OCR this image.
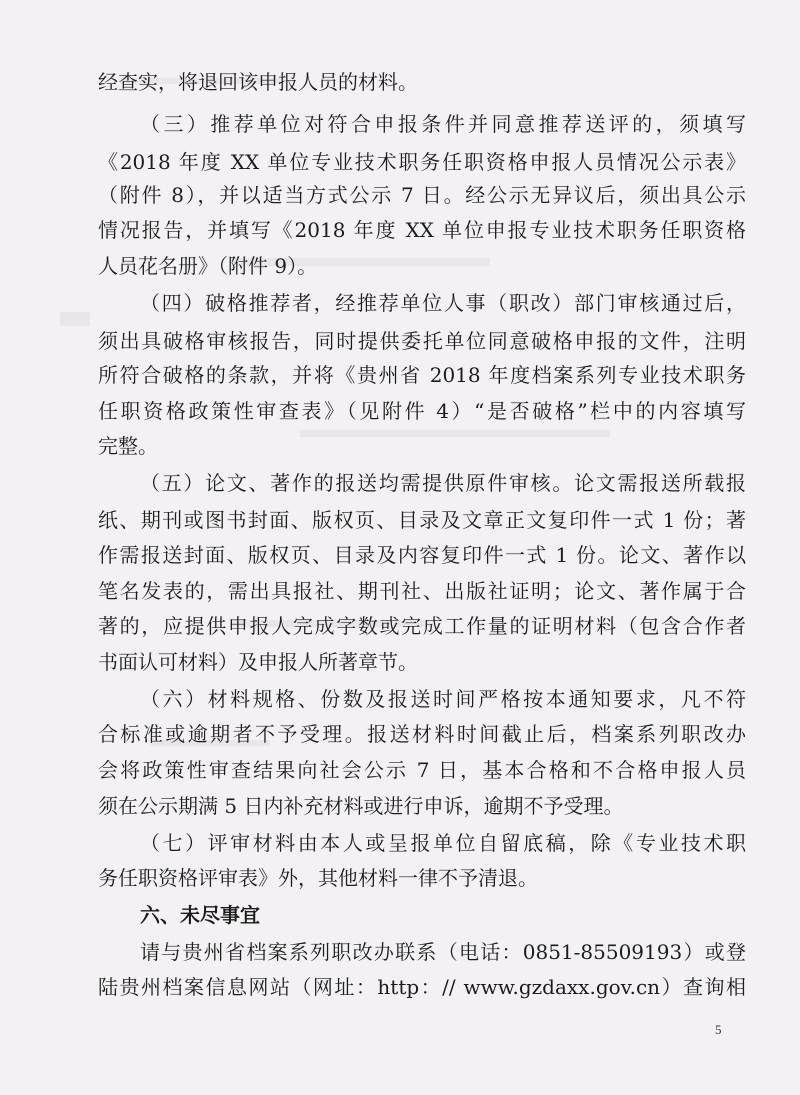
经查实，将退回该申报人员的材料。
（三）推荐单位对符合申报条件并同意推荐送评的，须填写
《2018 年度 XX 单位专业技术职务任职资格申报人员情况公示表》
（附件 8），并以适当方式公示 7 日。经公示无异议后，须出具公示
情况报告，并填写《2018 年度 XX 单位申报专业技术职务任职资格
人员花名册》（附件 9）。
（四）破格推荐者，经推荐单位人事（职改）部门审核通过后，
须出具破格审核报告，同时提供委托单位同意破格申报的文件，注明
所符合破格的条款，并将《贵州省 2018 年度档案系列专业技术职务
任职资格政策性审查表》（见附件 4）“是否破格”栏中的内容填写
完整。
（五）论文、著作的报送均需提供原件审核。论文需报送所载报
纸、期刊或图书封面、版权页、目录及文章正文复印件一式 1 份；著
作需报送封面、版权页、目录及内容复印件一式 1 份。论文、著作以
笔名发表的，需出具报社、期刊社、出版社证明；论文、著作属于合
著的，应提供申报人完成字数或完成工作量的证明材料（包含合作者
书面认可材料）及申报人所著章节。
（六）材料规格、份数及报送时间严格按本通知要求，凡不符
合标准或逾期者不予受理。报送材料时间截止后，档案系列职改办
会将政策性审查结果向社会公示 7 日，基本合格和不合格申报人员
须在公示期满 5 日内补充材料或进行申诉，逾期不予受理。
（七）评审材料由本人或呈报单位自留底稿，除《专业技术职
务任职资格评审表》外，其他材料一律不予清退。
六、未尽事宜
请与贵州省档案系列职改办联系（电话：0851-85509193）或登
陆贵州档案信息网站（网址：http：// www.gzdaxx.gov.cn）查询相
5
